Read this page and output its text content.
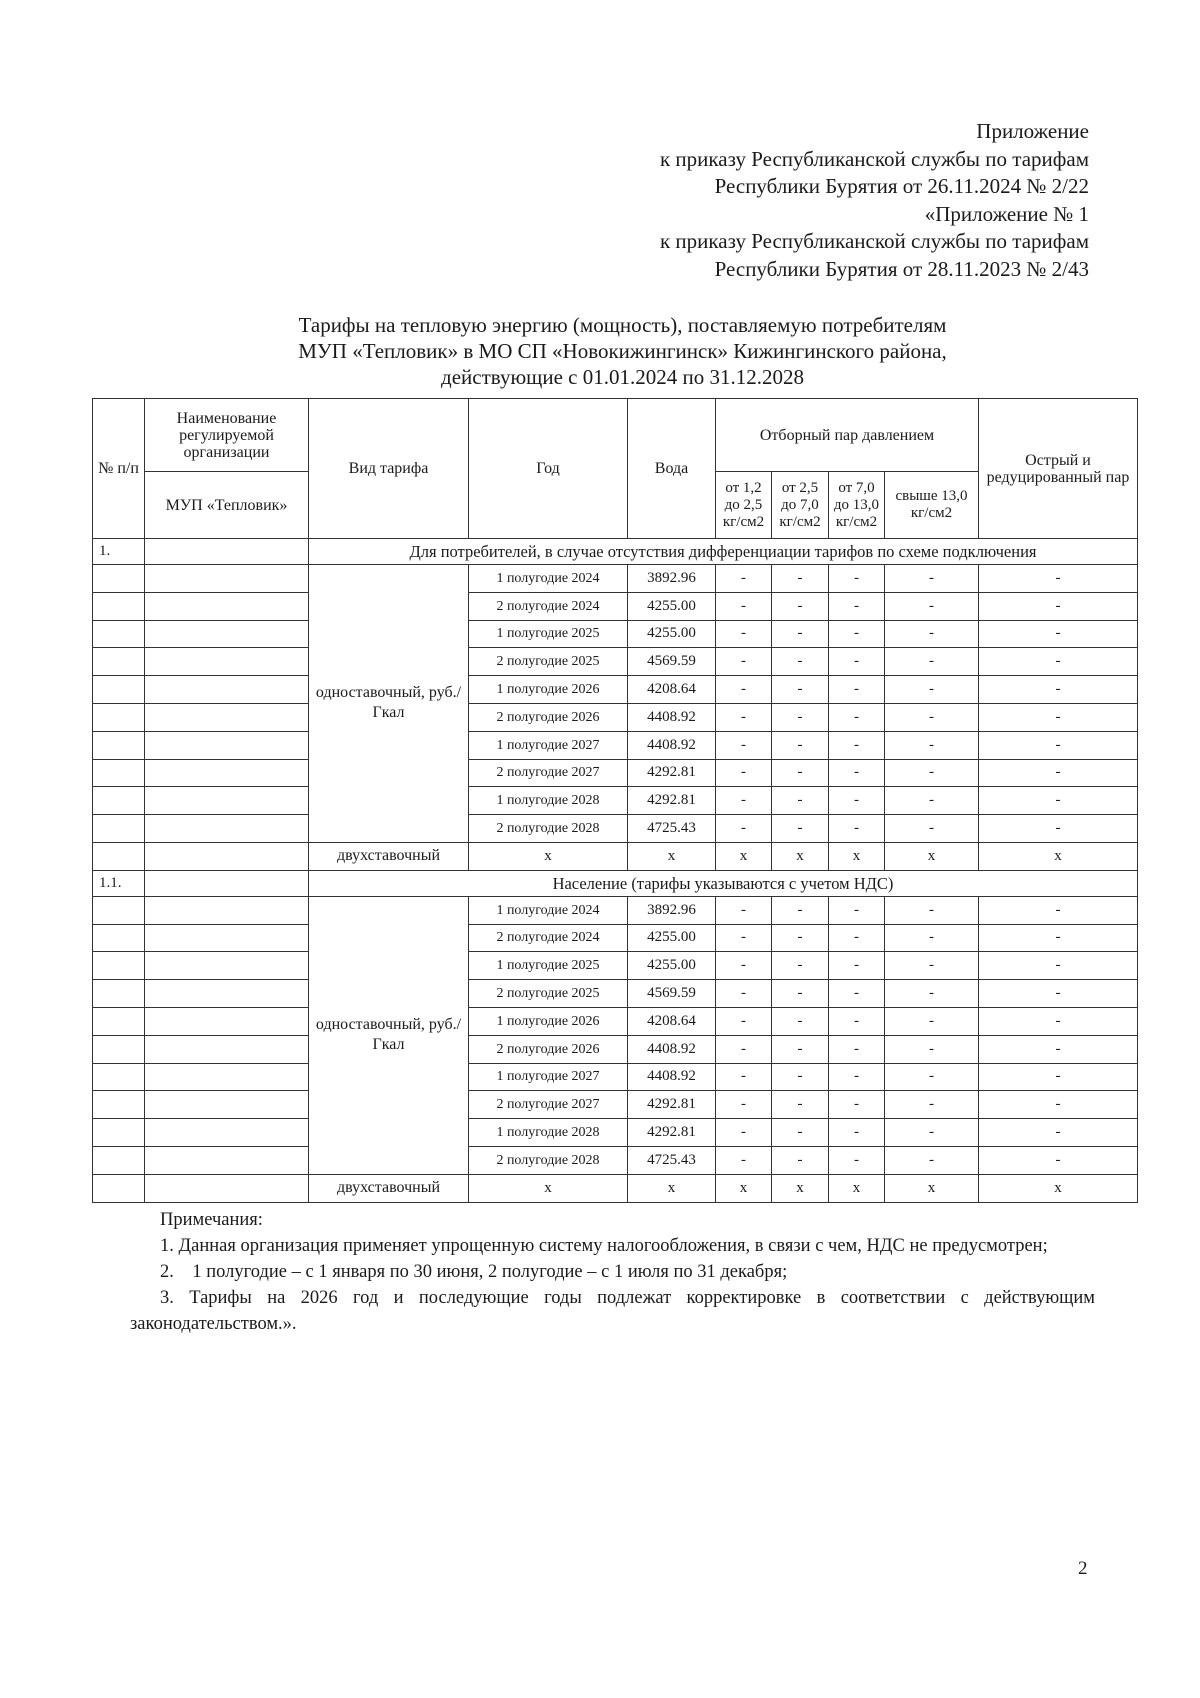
Приложение
к приказу Республиканской службы по тарифам
Республики Бурятия от 26.11.2024 № 2/22
«Приложение № 1
к приказу Республиканской службы по тарифам
Республики Бурятия от 28.11.2023 № 2/43
Тарифы на тепловую энергию (мощность), поставляемую потребителям
МУП «Тепловик» в МО СП «Новокижингинск» Кижингинского района,
действующие с 01.01.2024 по 31.12.2028
№ п/п	Наименование регулируемой организации	Вид тарифа	Год	Вода	Отборный пар давлением				Острый и редуцированный пар
	МУП «Тепловик»				от 1,2 до 2,5 кг/см2	от 2,5 до 7,0 кг/см2	от 7,0 до 13,0 кг/см2	свыше 13,0 кг/см2	
1.		Для потребителей, в случае отсутствия дифференциации тарифов по схеме подключения							
		одноставочный, руб./Гкал	1 полугодие 2024	3892.96	-	-	-	-	-
			2 полугодие 2024	4255.00	-	-	-	-	-
			1 полугодие 2025	4255.00	-	-	-	-	-
			2 полугодие 2025	4569.59	-	-	-	-	-
			1 полугодие 2026	4208.64	-	-	-	-	-
			2 полугодие 2026	4408.92	-	-	-	-	-
			1 полугодие 2027	4408.92	-	-	-	-	-
			2 полугодие 2027	4292.81	-	-	-	-	-
			1 полугодие 2028	4292.81	-	-	-	-	-
			2 полугодие 2028	4725.43	-	-	-	-	-
		двухставочный	x	x	x	x	x	x	x
1.1.		Население (тарифы указываются с учетом НДС)							
		одноставочный, руб./Гкал	1 полугодие 2024	3892.96	-	-	-	-	-
			2 полугодие 2024	4255.00	-	-	-	-	-
			1 полугодие 2025	4255.00	-	-	-	-	-
			2 полугодие 2025	4569.59	-	-	-	-	-
			1 полугодие 2026	4208.64	-	-	-	-	-
			2 полугодие 2026	4408.92	-	-	-	-	-
			1 полугодие 2027	4408.92	-	-	-	-	-
			2 полугодие 2027	4292.81	-	-	-	-	-
			1 полугодие 2028	4292.81	-	-	-	-	-
			2 полугодие 2028	4725.43	-	-	-	-	-
		двухставочный	x	x	x	x	x	x	x
Примечания:
1. Данная организация применяет упрощенную систему налогообложения, в связи с чем, НДС не предусмотрен;
2.    1 полугодие – с 1 января по 30 июня, 2 полугодие – с 1 июля по 31 декабря;
3. Тарифы на 2026 год и последующие годы подлежат корректировке в соответствии с действующим законодательством.».
2
